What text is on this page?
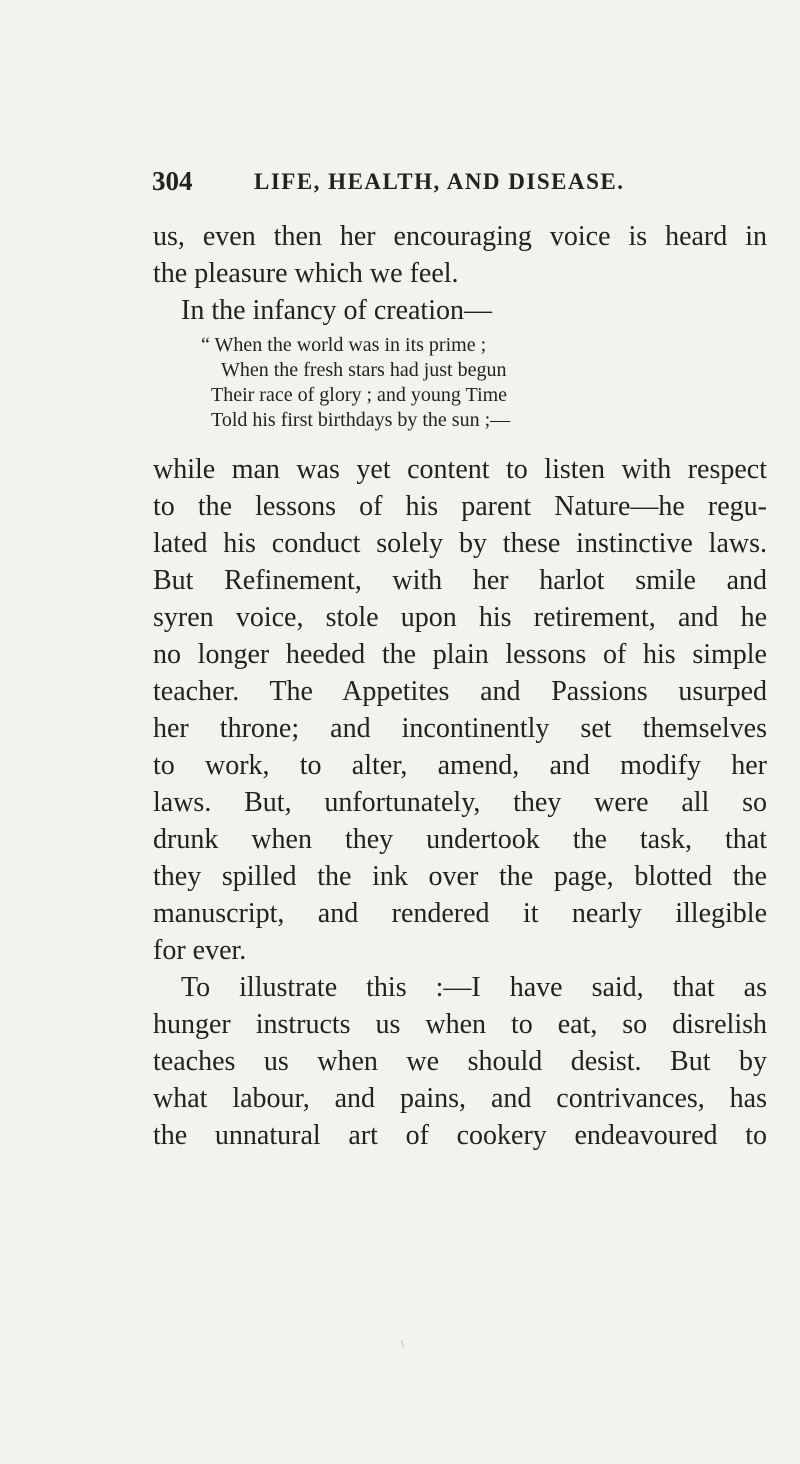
304	LIFE, HEALTH, AND DISEASE.
us, even then her encouraging voice is heard in
the pleasure which we feel.
In the infancy of creation—
“ When the world was in its prime ;
When the fresh stars had just begun
Their race of glory ; and young Time
Told his first birthdays by the sun ;—
while man was yet content to listen with respect
to the lessons of his parent Nature—he regu-
lated his conduct solely by these instinctive laws.
But Refinement, with her harlot smile and
syren voice, stole upon his retirement, and he
no longer heeded the plain lessons of his simple
teacher. The Appetites and Passions usurped
her throne; and incontinently set themselves
to work, to alter, amend, and modify her
laws. But, unfortunately, they were all so
drunk when they undertook the task, that
they spilled the ink over the page, blotted the
manuscript, and rendered it nearly illegible
for ever.
To illustrate this :—I have said, that as
hunger instructs us when to eat, so disrelish
teaches us when we should desist. But by
what labour, and pains, and contrivances, has
the unnatural art of cookery endeavoured to
